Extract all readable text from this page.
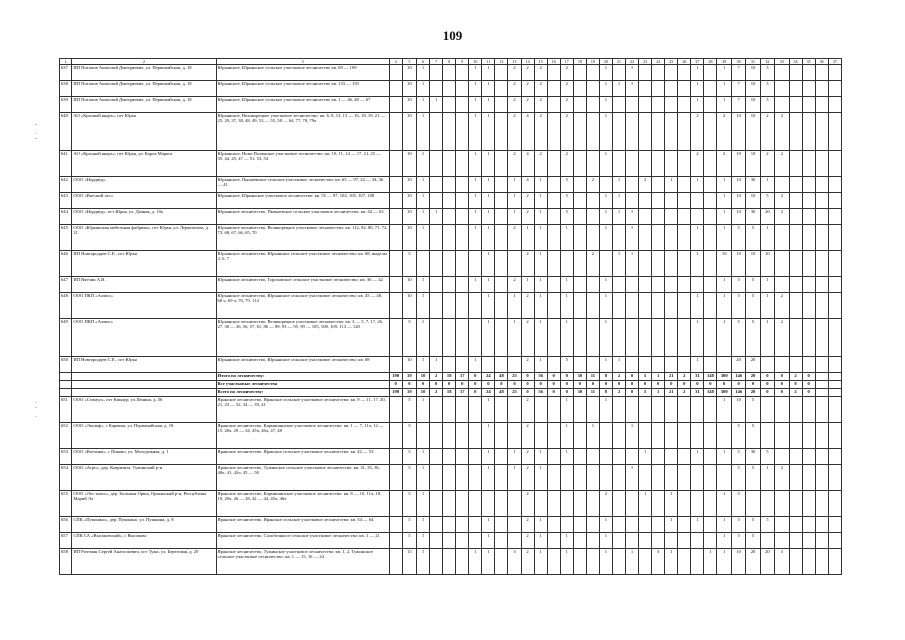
109
ˆ
·
˘
·
ˉ
·
1	2	3	4	5	6	7	8	9	10	11	12	13	14	15	16	17	18	19	20	21	22	23	24	25	26	27	28	29	30	31	32	33	34	35	36	37
637	ИП Потапов Анатолий Дмитриевич, ул. Первомайская, д. 18	Юрьянское, Юрьянское сельское участковое лесничество кв. 69 — 109		10	1				1	1		2	2	2		2			1		1					1		1	7	10	3					
638	ИП Потапов Анатолий Дмитриевич, ул. Первомайская, д. 18	Юрьянское, Юрьянское сельское участковое лесничество кв. 133 — 150		10	1				1	1		2	2	2		2			1	1	1					1		1	7	10	3					
639	ИП Потапов Анатолий Дмитриевич, ул. Первомайская, д. 18	Юрьянское, Юрьянское сельское участковое лесничество кв. 1 — 46, 48 — 67		10	1	1			1	1		2	2	2		2			1							1		1	7	10	3					
640	АО «Красный якорь», пгт Юрья	Юрьянское, Великорецкое участковое лесничество: кв. 6, 8, 13, 13 — 16, 18, 19, 21 — 25, 29, 37, 38, 48, 49, 52 — 55, 58 — 64, 77, 78, 79а		10	1				1	1		2	4	2		2			1							2		2	10	10	2	2				
641	АО «Красный якорь», пгт Юрья, ул. Карла Маркса	Юрьянское, Ново-Полянское участковое лесничество: кв. 10, 11, 14 — 17, 21, 25 — 35, 44, 45, 47 — 51, 53, 54		10	1				1	1		2	4	2		2			1							2		2	10	10	2	2				
642	ООО «Нордвуд»	Юрьянское, Пышаевское сельское участковое лесничество: кв. 65 — 97, 22 — 34, 36 — 41		10	1				1	1		1	4	1		5		2		1		2		1		1		1	10	30	1					
643	ООО «Вятский лес»	Юрьянское, Юрьянское участковое лесничество: кв. 55 — 97, 104, 105, 107, 108		10	1				1	1		1	2	1		5			1	1								1	10	10	5	2				
644	ООО «Нордвуд», пгт Юрья, ул. Дачная, д. 10а	Юрьянское лесничество, Пышаевское сельское участковое лесничество: кв. 42 — 63		10	1	1			1	1		1	2	1		5			1	1	1							1	10	30	20	2				
645	ООО «Юрьянская мебельная фабрика», пгт Юрья, ул. Лермонтова, д. 21	Юрьянское лесничество, Великорецкое участковое лесничество: кв. 112, 82, 80, 71, 72, 73, 68, 67, 66, 65, 70		10	1				1	1		2	1	1		1			1		1					1		1	5	5	1					
646	ИП Новгородцев С.Е., пгт Юрья	Юрьянское лесничество, Юрьянское сельское участковое лесничество: кв. 68, выделы 3, 6, 7		5						1			2	1				2		1	1					1		10	10	10	10					
647	ИП Вятчин А.И.	Юрьянское лесничество, Гороховское сельское участковое лесничество: кв. 36 — 42		10	1				1	1		2	1	1		1			1									1	5	5	1					
648	ООО ПКП «Алмис»	Юрьянское лесничество, Юрьянское сельское участковое лесничество: кв. 45 — 48, 68 ч, 69 ч, 70, 79, 114		10	1					1		1	2	1		1			1							1		1	5	5	1	2				
649	ООО ПКП «Алмис»	Юрьянское лесничество, Великорецкое участковое лесничество: кв. 3 — 5, 7, 17, 26, 27, 30 — 36, 56, 57, 61, 86 — 89, 93 — 95, 99 — 105, 108, 109, 113 — 120		5	1					1		1	2	1		1			1							1		1	5	5	1	2				
650	ИП Новгородцев С.Е., пгт Юрья	Юрьянское лесничество, Юрьянское сельское участковое лесничество: кв. 68		10	1	1			1				2	1		5			1	1						1			20	20						
		Итого по лесничеству:	190	19	10	2	18	17	0	24	48	25	0	56	0	0	30	11	8	2	0	5	1	21	2	31	148	300	146	20	0	0	2	0		
		Все участковые лесничества	0	0	0	0	0	0	0	0	0	0	0	0	0	0	0	0	0	0	0	0	0	0	0	0	0	0	0	0	0	0	0	0		
		Всего по лесничеству:	190	19	10	2	18	17	0	24	48	25	0	56	0	0	30	11	8	2	0	5	1	21	2	31	148	300	146	20	0	0	2	0		
651	ООО «Стимул», пгт Кикнур, ул.Ленина, д. 56	Яранское лесничество, Яранское сельское участковое лесничество: кв. 9 — 11, 17, 20, 21, 23 — 32, 34 — 39, 41		5	1					1			2			1			1									1	10	5						
652	ООО «Эмсюф», с Кармиш, ул. Первомайская, д. 18	Яранское лесничество, Кармишинское участковое лесничество: кв. 1 — 7, 11ч, 12 — 15, 20ч, 29 — 34, 45ч, 46ч, 47, 48		5						1			2			1		1			1								5	5						
653	ООО «Вотчина», с Пиково, ул. Молодежная, д. 1	Яранское лесничество, Яранское сельское участковое лесничество: кв. 42 — 53		5	1					1		1	2	1		1						1				1		1	5	30	5					
654	ООО «Агро», дер. Ковризята, Тужинский р-н	Яранское лесничество, Тужинское сельское участковое лесничество: кв. 31, 35, 36, 40ч, 41, 42ч, 45 — 50		5	1					1		1	2	1							1								5	5	1	2				
655	ООО «Лес-плюс», дер. Большая Орша, Оршанский р-н, Республика Марий Эл	Яранское лесничество, Кармишинское участковое лесничество: кв. 8 — 10, 11ч, 18, 19, 20ч, 26 — 28, 42 — 44, 45ч, 46ч		5	1								2						2			1		1				1	5							
656	СПК «Пушкино», дер. Пушкино, ул. Пушкина, д. 8	Яранское лесничество, Яранское сельское участковое лесничество: кв. 54 — 64		5	1					1			2	1					1					1		1		1	5	5	5					
657	СПК СА «Высоковский», с Высоково	Яранское лесничество, Салобеляксое сельское участковое лесничество: кв. 1 — 21		5	1					1			2	1		1			1									1	5	5						
658	ИП Рочтман Сергей Анатольевич, пгт Тужа, ул. Береговая, д. 29	Яранское лесничество, Тужинское участковое лесничество: кв. 1, 2, Тужинское сельское участковое лесничество: кв. 1 — 15, 16 — 24		15	1				1	1		3	2	1		1			1		1		3	1			1	1	10	20	20	3				
